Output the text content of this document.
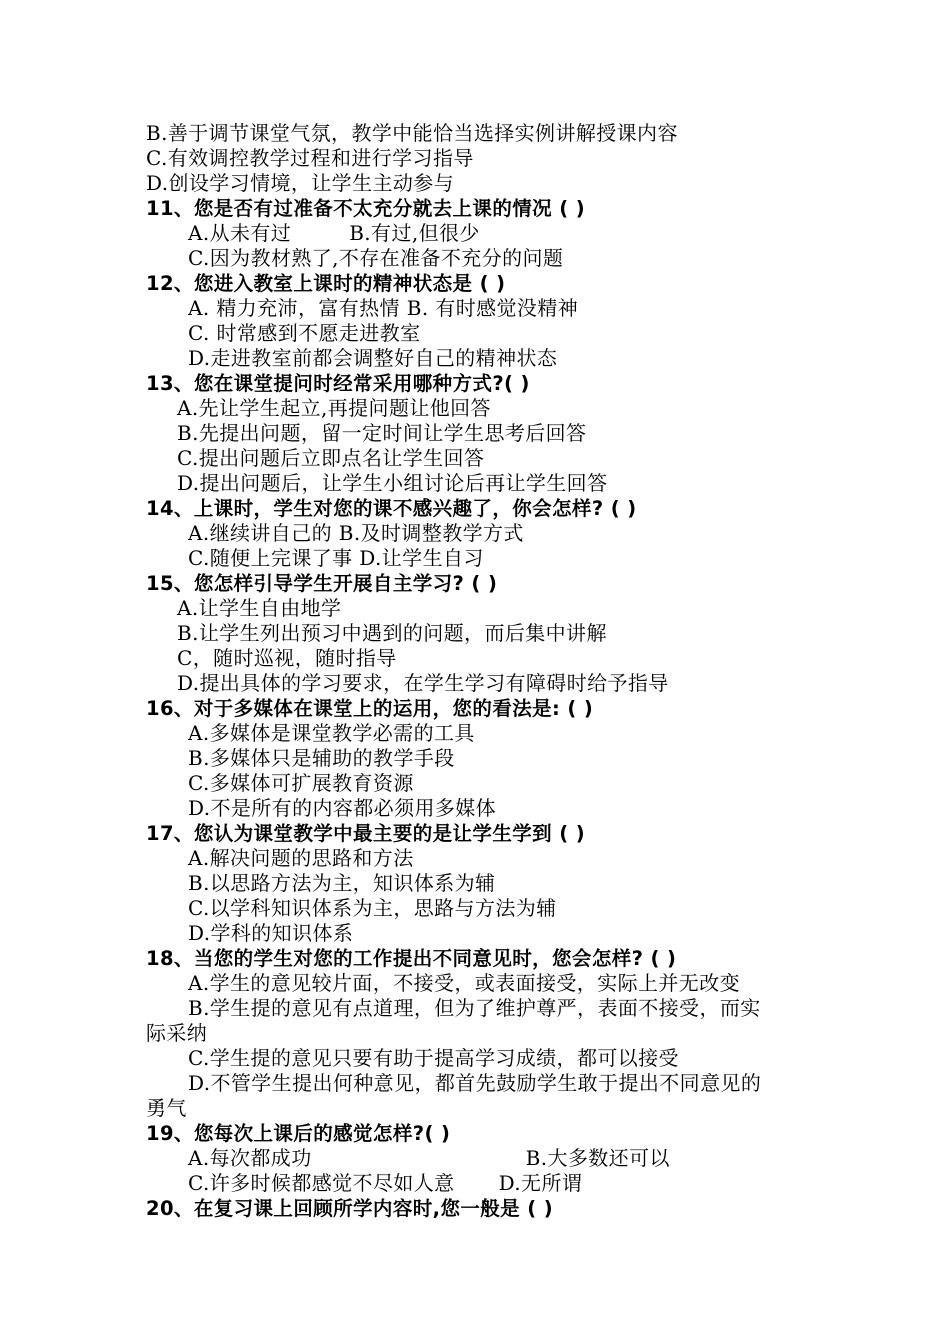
B.善于调节课堂气氛，教学中能恰当选择实例讲解授课内容
C.有效调控教学过程和进行学习指导
D.创设学习情境，让学生主动参与
11、您是否有过准备不太充分就去上课的情况 ( )
A.从未有过	B.有过,但很少
C.因为教材熟了,不存在准备不充分的问题
12、您进入教室上课时的精神状态是 ( )
A. 精力充沛，富有热情 B. 有时感觉没精神
C. 时常感到不愿走进教室
D.走进教室前都会调整好自己的精神状态
13、您在课堂提问时经常采用哪种方式?( )
A.先让学生起立,再提问题让他回答
B.先提出问题，留一定时间让学生思考后回答
C.提出问题后立即点名让学生回答
D.提出问题后，让学生小组讨论后再让学生回答
14、上课时，学生对您的课不感兴趣了，你会怎样? ( )
A.继续讲自己的 B.及时调整教学方式
C.随便上完课了事 D.让学生自习
15、您怎样引导学生开展自主学习? ( )
A.让学生自由地学
B.让学生列出预习中遇到的问题，而后集中讲解
C，随时巡视，随时指导
D.提出具体的学习要求，在学生学习有障碍时给予指导
16、对于多媒体在课堂上的运用，您的看法是: ( )
A.多媒体是课堂教学必需的工具
B.多媒体只是辅助的教学手段
C.多媒体可扩展教育资源
D.不是所有的内容都必须用多媒体
17、您认为课堂教学中最主要的是让学生学到 ( )
A.解决问题的思路和方法
B.以思路方法为主，知识体系为辅
C.以学科知识体系为主，思路与方法为辅
D.学科的知识体系
18、当您的学生对您的工作提出不同意见时，您会怎样? ( )
A.学生的意见较片面，不接受，或表面接受，实际上并无改变
B.学生提的意见有点道理，但为了维护尊严，表面不接受，而实
际采纳
C.学生提的意见只要有助于提高学习成绩，都可以接受
D.不管学生提出何种意见，都首先鼓励学生敢于提出不同意见的
勇气
19、您每次上课后的感觉怎样?( )
A.每次都成功	B.大多数还可以
C.许多时候都感觉不尽如人意 D.无所谓
20、在复习课上回顾所学内容时,您一般是 ( )
